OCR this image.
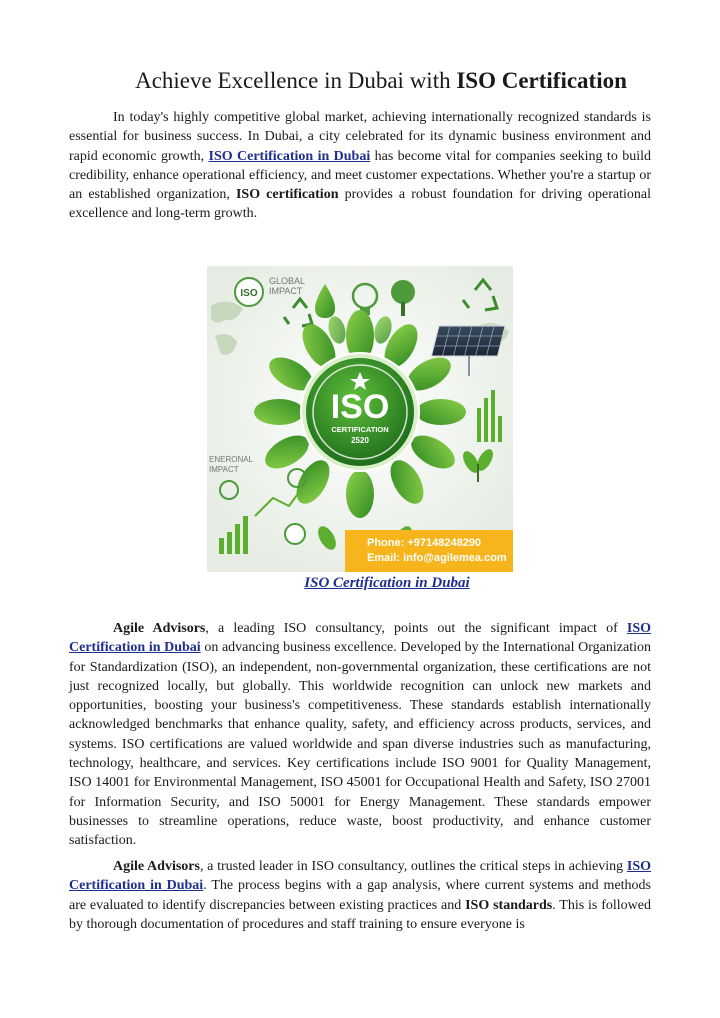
Achieve Excellence in Dubai with ISO Certification

In today's highly competitive global market, achieving internationally recognized standards is essential for business success. In Dubai, a city celebrated for its dynamic business environment and rapid economic growth, ISO Certification in Dubai has become vital for companies seeking to build credibility, enhance operational efficiency, and meet customer expectations. Whether you're a startup or an established organization, ISO certification provides a robust foundation for driving operational excellence and long-term growth.

ISO
ISO
CERTIFICATION
2520
GLOBAL
IMPACT
ENERONAL
IMPACT
Phone: +97148248290
Email: info@agilemea.com
ISO Certification in Dubai

Agile Advisors, a leading ISO consultancy, points out the significant impact of ISO Certification in Dubai on advancing business excellence. Developed by the International Organization for Standardization (ISO), an independent, non-governmental organization, these certifications are not just recognized locally, but globally. This worldwide recognition can unlock new markets and opportunities, boosting your business's competitiveness. These standards establish internationally acknowledged benchmarks that enhance quality, safety, and efficiency across products, services, and systems. ISO certifications are valued worldwide and span diverse industries such as manufacturing, technology, healthcare, and services. Key certifications include ISO 9001 for Quality Management, ISO 14001 for Environmental Management, ISO 45001 for Occupational Health and Safety, ISO 27001 for Information Security, and ISO 50001 for Energy Management. These standards empower businesses to streamline operations, reduce waste, boost productivity, and enhance customer satisfaction.

Agile Advisors, a trusted leader in ISO consultancy, outlines the critical steps in achieving ISO Certification in Dubai. The process begins with a gap analysis, where current systems and methods are evaluated to identify discrepancies between existing practices and ISO standards. This is followed by thorough documentation of procedures and staff training to ensure everyone is
